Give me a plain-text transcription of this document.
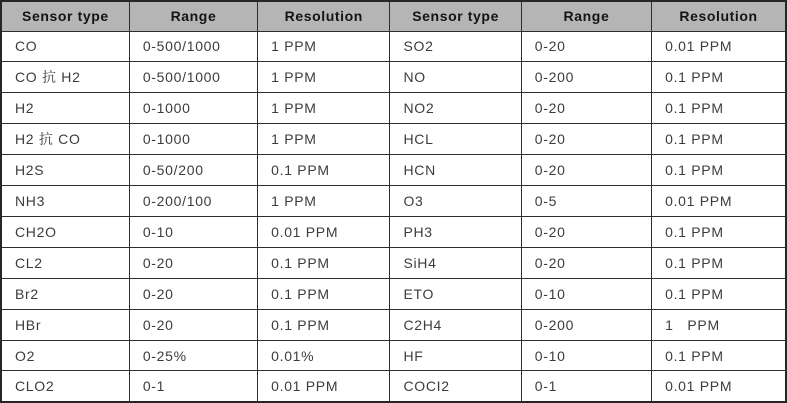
Sensor type	Range	Resolution	Sensor type	Range	Resolution
CO	0-500/1000	1 PPM	SO2	0-20	0.01 PPM
CO 抗 H2	0-500/1000	1 PPM	NO	0-200	0.1 PPM
H2	0-1000	1 PPM	NO2	0-20	0.1 PPM
H2 抗 CO	0-1000	1 PPM	HCL	0-20	0.1 PPM
H2S	0-50/200	0.1 PPM	HCN	0-20	0.1 PPM
NH3	0-200/100	1 PPM	O3	0-5	0.01 PPM
CH2O	0-10	0.01 PPM	PH3	0-20	0.1 PPM
CL2	0-20	0.1 PPM	SiH4	0-20	0.1 PPM
Br2	0-20	0.1 PPM	ETO	0-10	0.1 PPM
HBr	0-20	0.1 PPM	C2H4	0-200	1   PPM
O2	0-25%	0.01%	HF	0-10	0.1 PPM
CLO2	0-1	0.01 PPM	COCI2	0-1	0.01 PPM
